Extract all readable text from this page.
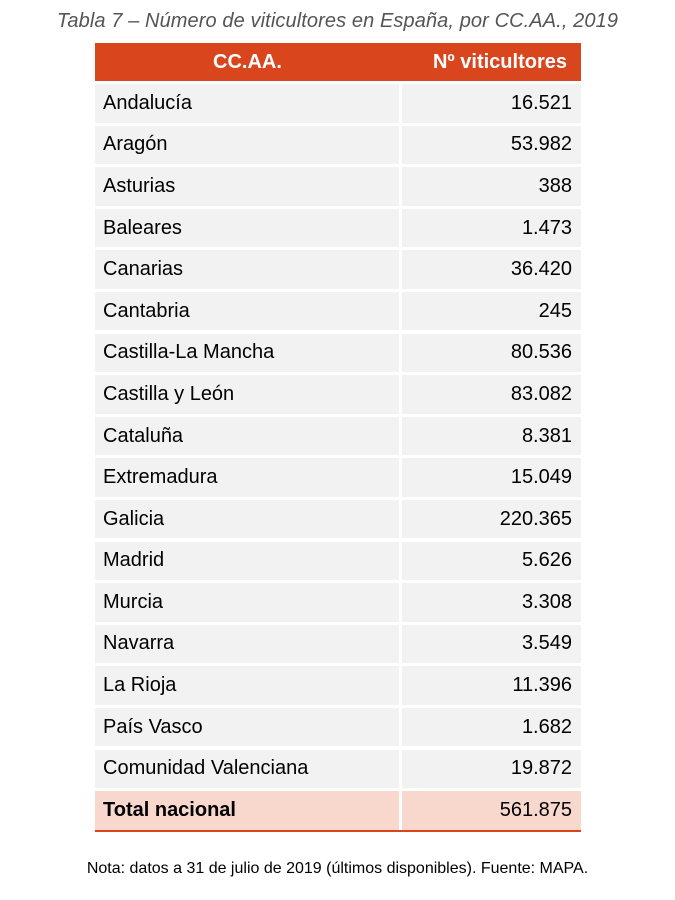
Tabla 7 – Número de viticultores en España, por CC.AA., 2019
CC.AA.	Nº viticultores
Andalucía	16.521
Aragón	53.982
Asturias	388
Baleares	1.473
Canarias	36.420
Cantabria	245
Castilla-La Mancha	80.536
Castilla y León	83.082
Cataluña	8.381
Extremadura	15.049
Galicia	220.365
Madrid	5.626
Murcia	3.308
Navarra	3.549
La Rioja	11.396
País Vasco	1.682
Comunidad Valenciana	19.872
Total nacional	561.875
Nota: datos a 31 de julio de 2019 (últimos disponibles). Fuente: MAPA.
